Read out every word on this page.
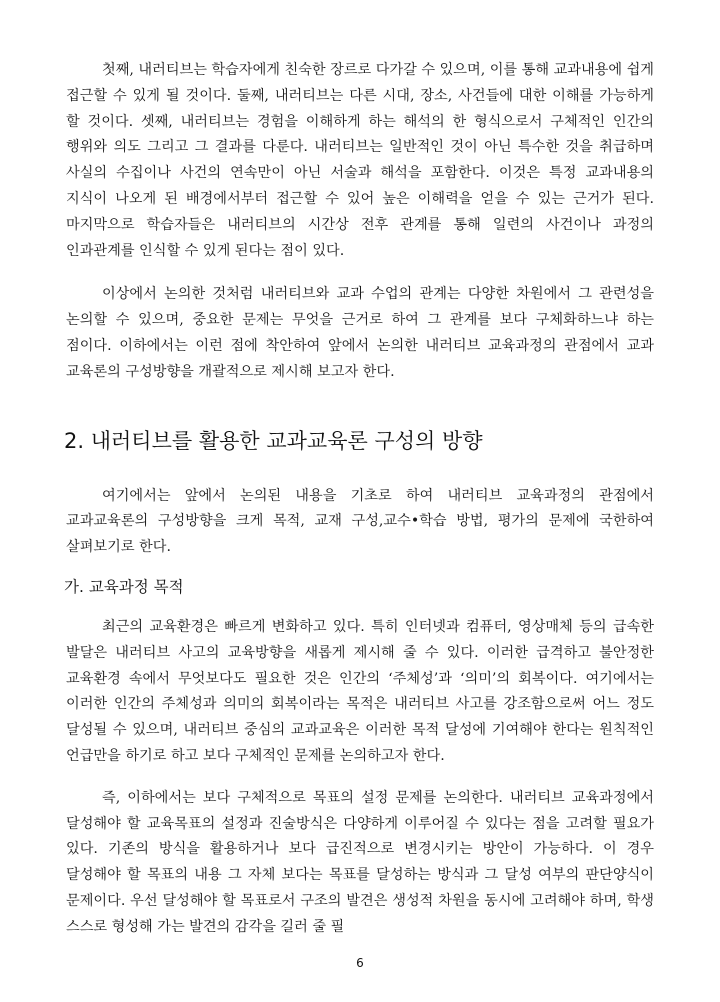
첫째, 내러티브는 학습자에게 친숙한 장르로 다가갈 수 있으며, 이를 통해 교과내용에 쉽게 접근할 수 있게 될 것이다. 둘째, 내러티브는 다른 시대, 장소, 사건들에 대한 이해를 가능하게 할 것이다. 셋째, 내러티브는 경험을 이해하게 하는 해석의 한 형식으로서 구체적인 인간의 행위와 의도 그리고 그 결과를 다룬다. 내러티브는 일반적인 것이 아닌 특수한 것을 취급하며 사실의 수집이나 사건의 연속만이 아닌 서술과 해석을 포함한다. 이것은 특정 교과내용의 지식이 나오게 된 배경에서부터 접근할 수 있어 높은 이해력을 얻을 수 있는 근거가 된다. 마지막으로 학습자들은 내러티브의 시간상 전후 관계를 통해 일련의 사건이나 과정의 인과관계를 인식할 수 있게 된다는 점이 있다.

이상에서 논의한 것처럼 내러티브와 교과 수업의 관계는 다양한 차원에서 그 관련성을 논의할 수 있으며, 중요한 문제는 무엇을 근거로 하여 그 관계를 보다 구체화하느냐 하는 점이다. 이하에서는 이런 점에 착안하여 앞에서 논의한 내러티브 교육과정의 관점에서 교과 교육론의 구성방향을 개괄적으로 제시해 보고자 한다.

2. 내러티브를 활용한 교과교육론 구성의 방향

여기에서는 앞에서 논의된 내용을 기초로 하여 내러티브 교육과정의 관점에서 교과교육론의 구성방향을 크게 목적, 교재 구성,교수•학습 방법, 평가의 문제에 국한하여 살펴보기로 한다.

가. 교육과정 목적

최근의 교육환경은 빠르게 변화하고 있다. 특히 인터넷과 컴퓨터, 영상매체 등의 급속한 발달은 내러티브 사고의 교육방향을 새롭게 제시해 줄 수 있다. 이러한 급격하고 불안정한 교육환경 속에서 무엇보다도 필요한 것은 인간의 ‘주체성’과 ‘의미’의 회복이다. 여기에서는 이러한 인간의 주체성과 의미의 회복이라는 목적은 내러티브 사고를 강조함으로써 어느 정도 달성될 수 있으며, 내러티브 중심의 교과교육은 이러한 목적 달성에 기여해야 한다는 원칙적인 언급만을 하기로 하고 보다 구체적인 문제를 논의하고자 한다.

즉, 이하에서는 보다 구체적으로 목표의 설정 문제를 논의한다. 내러티브 교육과정에서 달성해야 할 교육목표의 설정과 진술방식은 다양하게 이루어질 수 있다는 점을 고려할 필요가 있다. 기존의 방식을 활용하거나 보다 급진적으로 변경시키는 방안이 가능하다. 이 경우 달성해야 할 목표의 내용 그 자체 보다는 목표를 달성하는 방식과 그 달성 여부의 판단양식이 문제이다. 우선 달성해야 할 목표로서 구조의 발견은 생성적 차원을 동시에 고려해야 하며, 학생 스스로 형성해 가는 발견의 감각을 길러 줄 필

6
